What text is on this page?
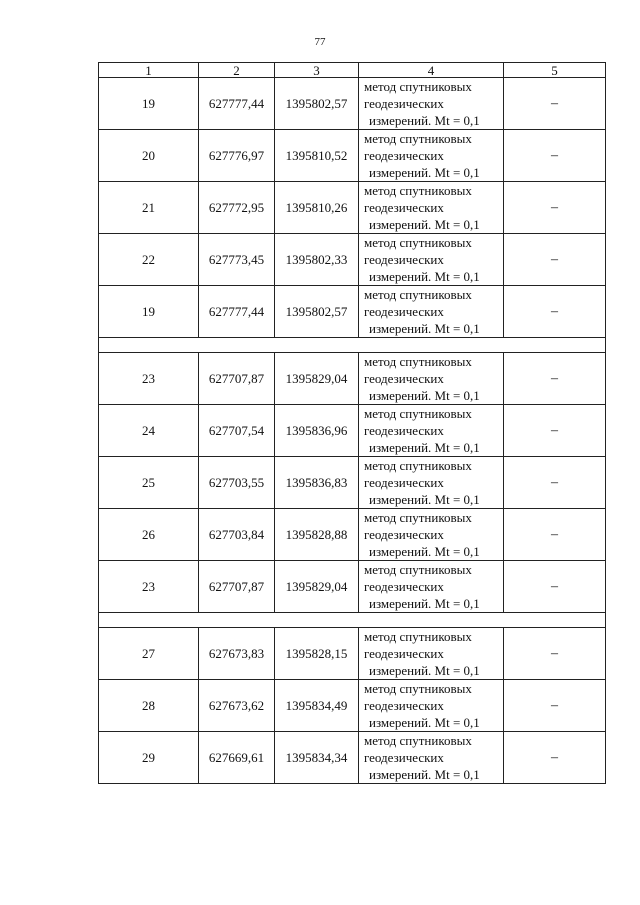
77
1	2	3	4	5
19	627777,44	1395802,57	метод спутниковых
геодезических
измерений. Mt = 0,1	–
20	627776,97	1395810,52	метод спутниковых
геодезических
измерений. Mt = 0,1	–
21	627772,95	1395810,26	метод спутниковых
геодезических
измерений. Mt = 0,1	–
22	627773,45	1395802,33	метод спутниковых
геодезических
измерений. Mt = 0,1	–
19	627777,44	1395802,57	метод спутниковых
геодезических
измерений. Mt = 0,1	–

23	627707,87	1395829,04	метод спутниковых
геодезических
измерений. Mt = 0,1	–
24	627707,54	1395836,96	метод спутниковых
геодезических
измерений. Mt = 0,1	–
25	627703,55	1395836,83	метод спутниковых
геодезических
измерений. Mt = 0,1	–
26	627703,84	1395828,88	метод спутниковых
геодезических
измерений. Mt = 0,1	–
23	627707,87	1395829,04	метод спутниковых
геодезических
измерений. Mt = 0,1	–

27	627673,83	1395828,15	метод спутниковых
геодезических
измерений. Mt = 0,1	–
28	627673,62	1395834,49	метод спутниковых
геодезических
измерений. Mt = 0,1	–
29	627669,61	1395834,34	метод спутниковых
геодезических
измерений. Mt = 0,1	–
